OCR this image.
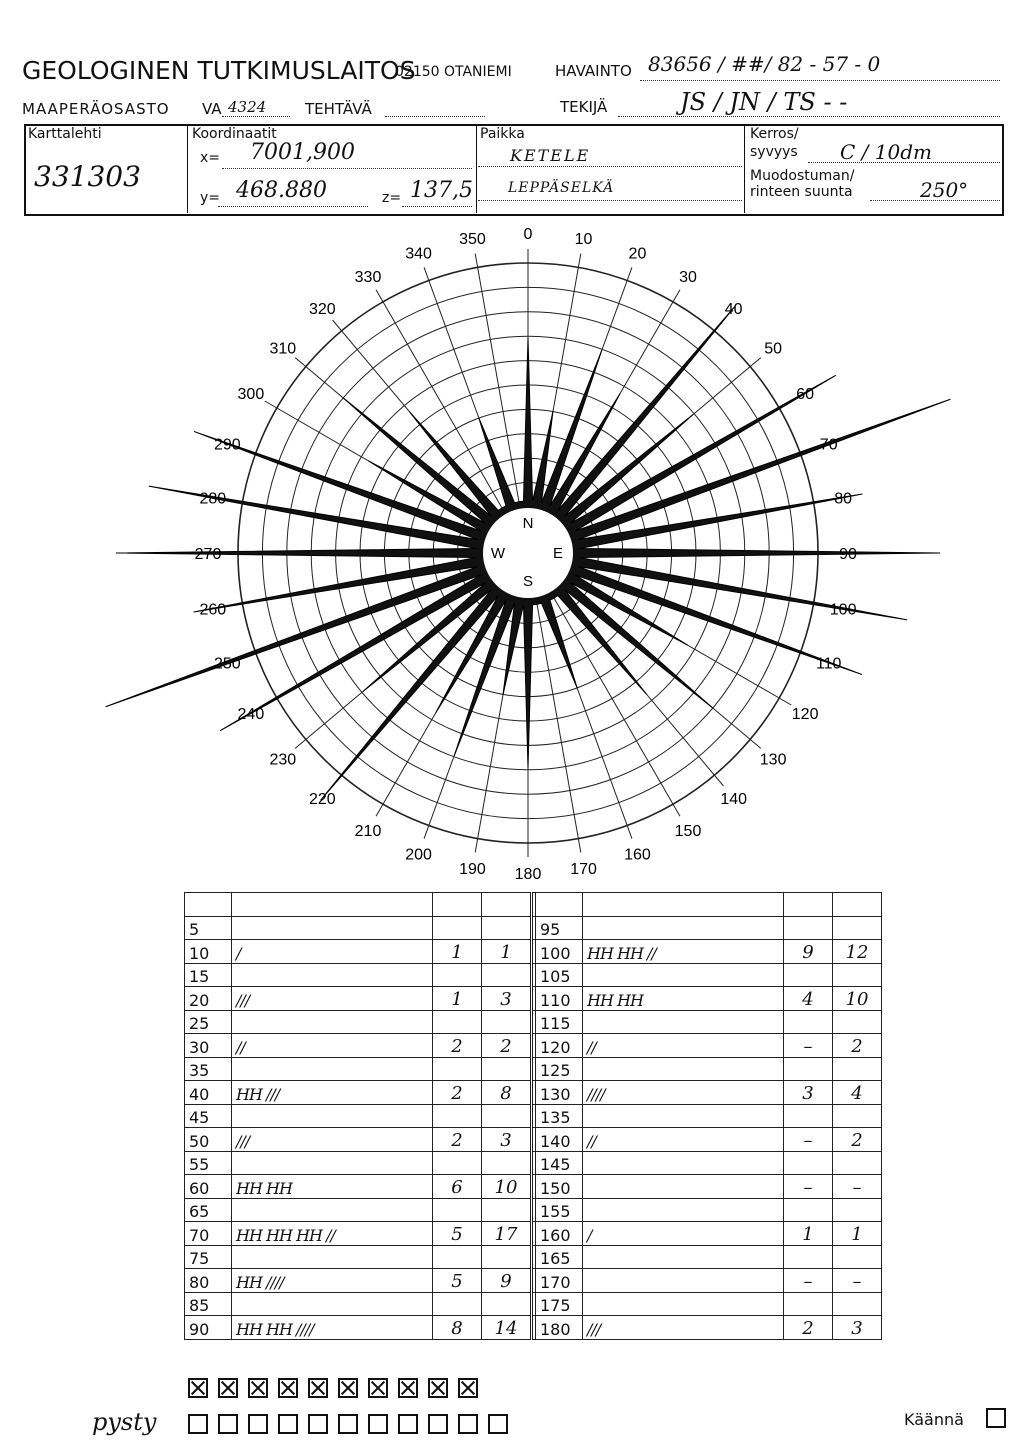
GEOLOGINEN TUTKIMUSLAITOS
02150 OTANIEMI	HAVAINTO 83656 / ##/ 82 - 57 - 0
MAAPERÄOSASTO VA 4324	TEHTÄVÄ	TEKIJÄ	JS / JN / TS - -
Karttalehti
331303
Koordinaatit
x= 7001,900
y= 468.880	z= 137,5
Paikka
KETELE
LEPPÄSELKÄ
Kerros/
syvyys C / 10dm
Muodostuman/
rinteen suunta	250°
0	10
20
30
40
50
60
70
80
90
100
110
120
130
140
150
160
170
180
190
200
210
220
230
240
250
260
270
280
290
300
310
320
330
340
350
N
E
S
W

5					95			
10	/	1	1		100	HH HH //	9	12
15					105			
20	///	1	3		110	HH HH	4	10
25					115			
30	//	2	2		120	//	–	2
35					125			
40	HH ///	2	8		130	////	3	4
45					135			
50	///	2	3		140	//	–	2
55					145			
60	HH HH	6	10		150		–	–
65					155			
70	HH HH HH //	5	17		160	/	1	1
75					165			
80	HH ////	5	9		170		–	–
85					175			
90	HH HH ////	8	14		180	///	2	3
pysty	Käännä
